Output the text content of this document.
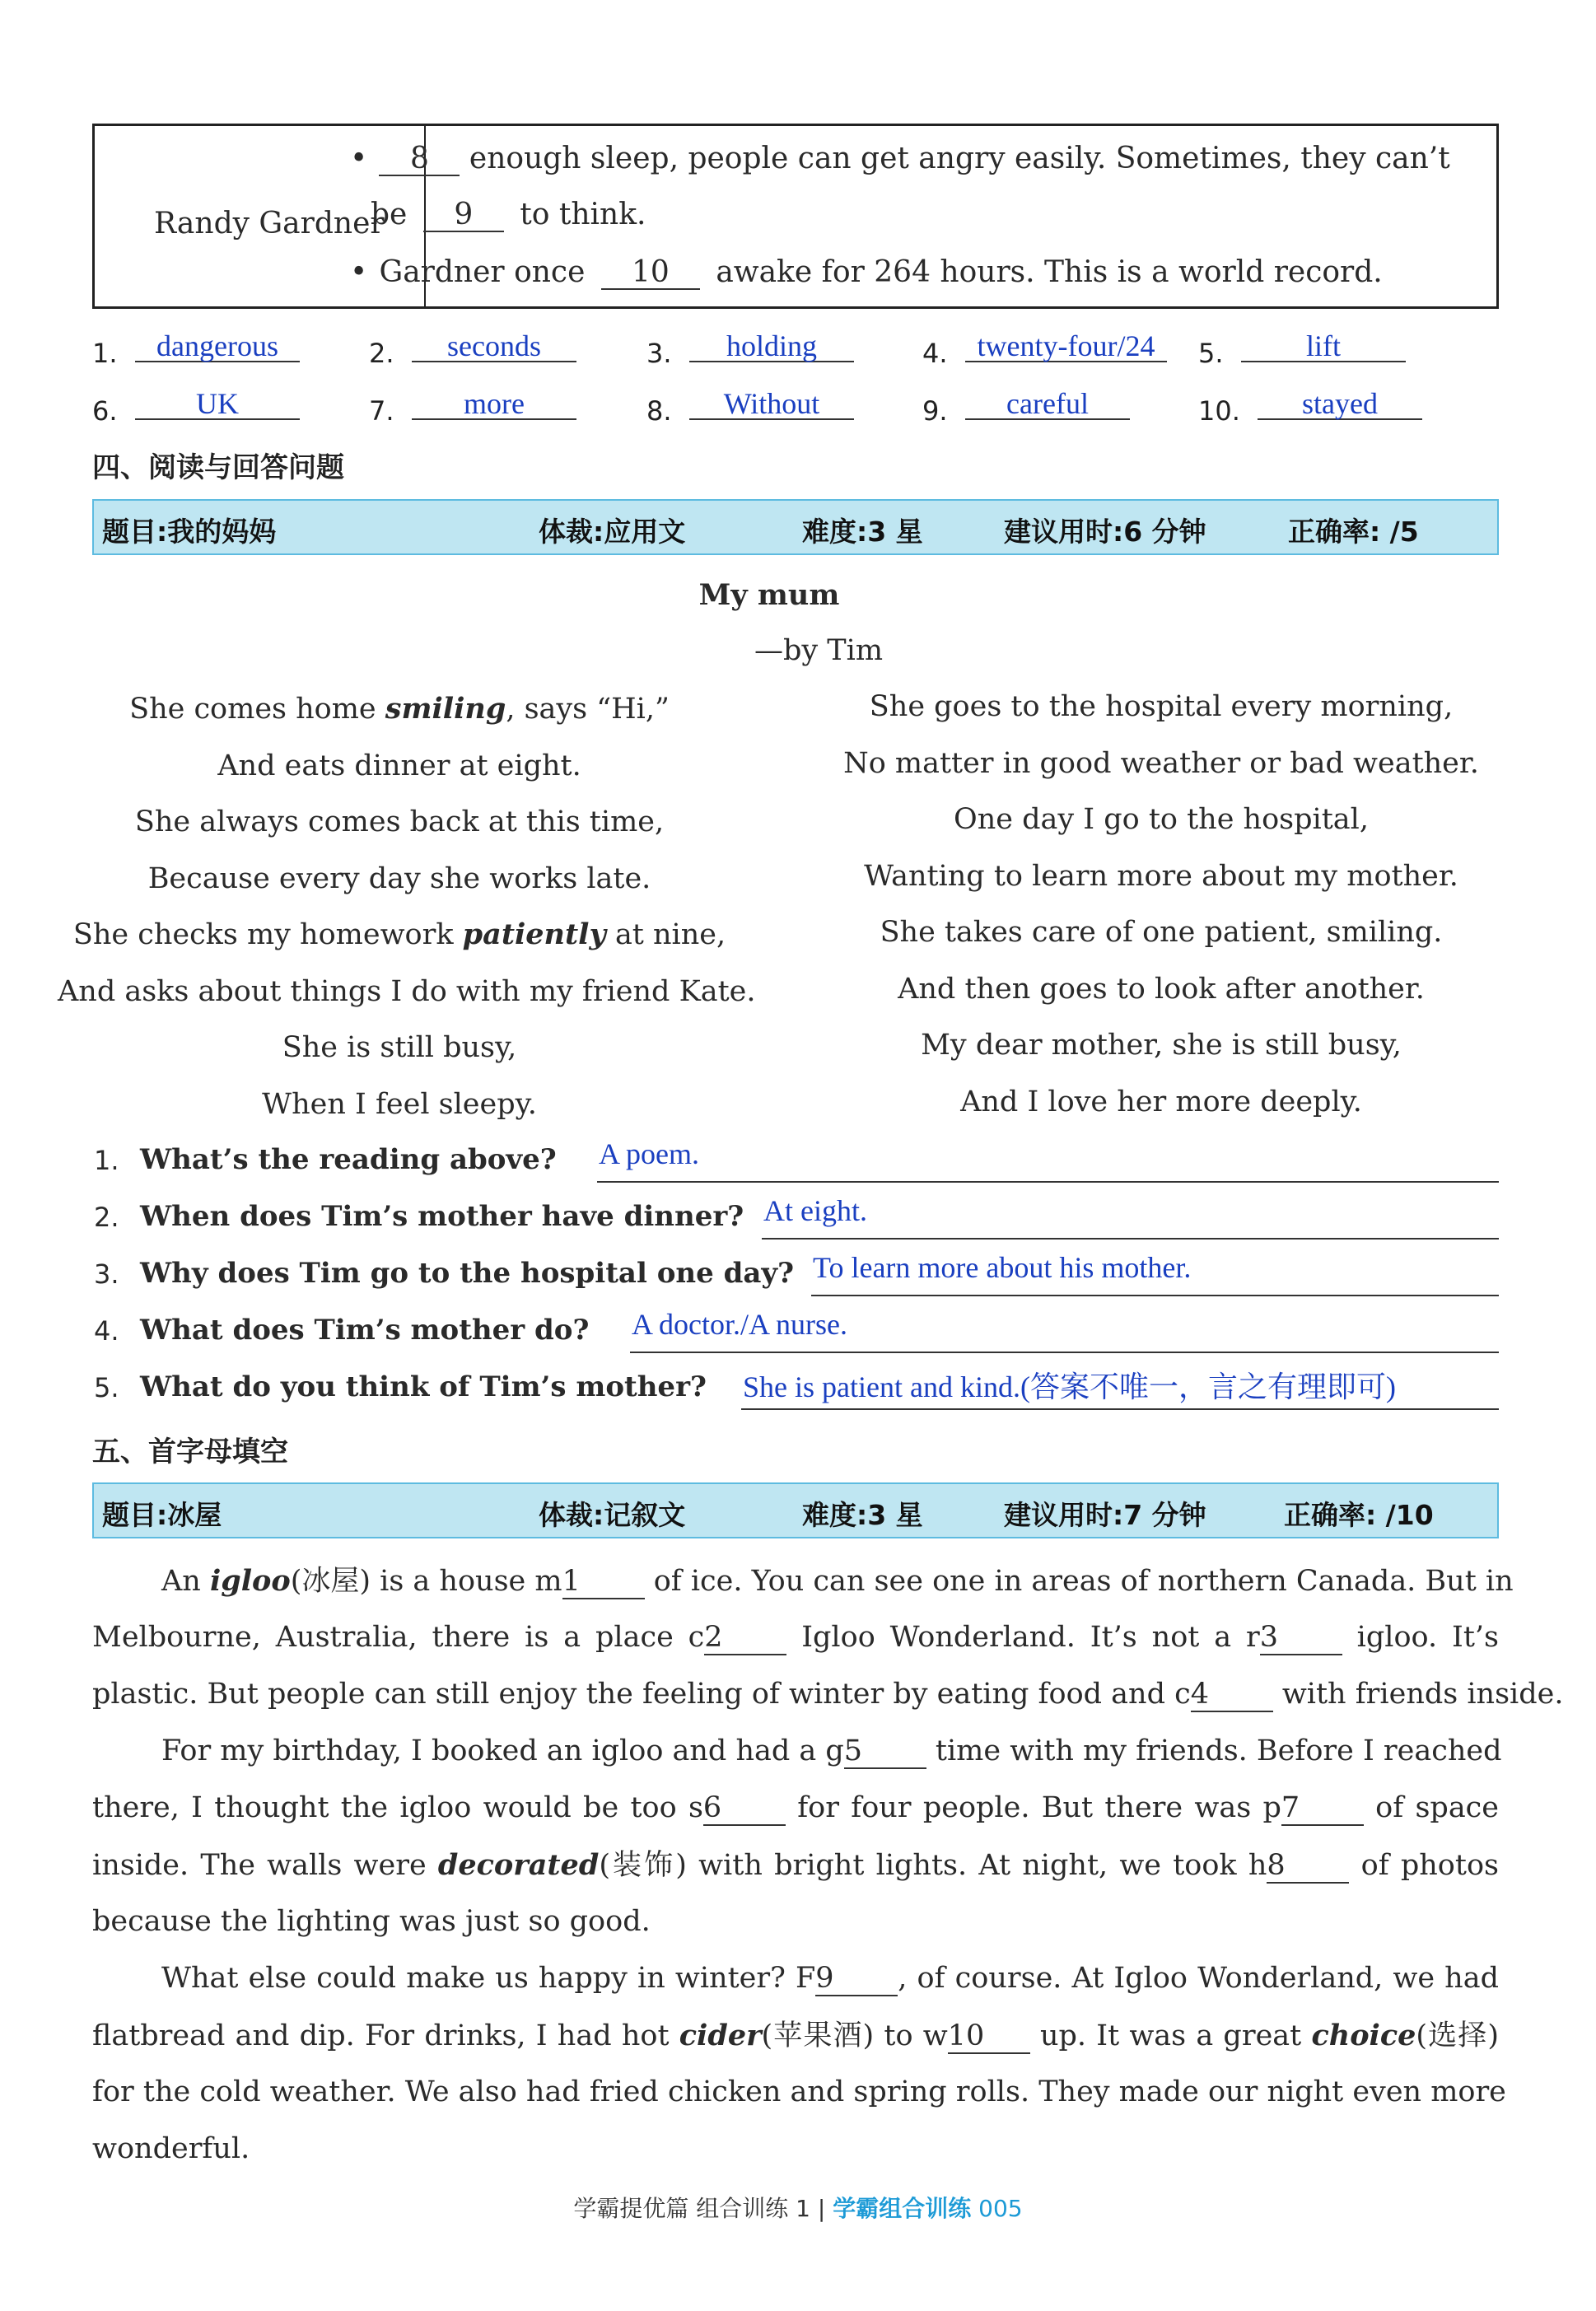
Randy Gardner
• 8 enough sleep, people can get angry easily. Sometimes, they can’t
be 9 to think.
• Gardner once 10 awake for 264 hours. This is a world record.
1.	dangerous	2.	seconds	3.	holding	4. twenty-four/24	5.	lift
6.	UK	7.	more	8.	Without	9.	careful	10.	stayed
四、阅读与回答问题
题目:我的妈妈	体裁:应用文	难度:3 星	建议用时:6 分钟	正确率: /5
My mum
—by Tim
She comes home smiling, says “Hi,”
And eats dinner at eight.
She always comes back at this time,
Because every day she works late.
She checks my homework patiently at nine,
And asks about things I do with my friend Kate.
She is still busy,
When I feel sleepy.
She goes to the hospital every morning,
No matter in good weather or bad weather.
One day I go to the hospital,
Wanting to learn more about my mother.
She takes care of one patient, smiling.
And then goes to look after another.
My dear mother, she is still busy,
And I love her more deeply.
1. What’s the reading above? A poem.
2. When does Tim’s mother have dinner? At eight.
3. Why does Tim go to the hospital one day? To learn more about his mother.
4. What does Tim’s mother do? A doctor./A nurse.
5. What do you think of Tim’s mother? She is patient and kind.(答案不唯一，言之有理即可)
五、首字母填空
题目:冰屋	体裁:记叙文	难度:3 星	建议用时:7 分钟	正确率: /10
An igloo(冰屋) is a house m1 of ice. You can see one in areas of northern Canada. But in
Melbourne, Australia, there is a place c2 Igloo Wonderland. It’s not a r3 igloo. It’s
plastic. But people can still enjoy the feeling of winter by eating food and c4 with friends inside.
For my birthday, I booked an igloo and had a g5 time with my friends. Before I reached
there, I thought the igloo would be too s6 for four people. But there was p7 of space
inside. The walls were decorated(装饰) with bright lights. At night, we took h8 of photos
because the lighting was just so good.
What else could make us happy in winter? F9 , of course. At Igloo Wonderland, we had
flatbread and dip. For drinks, I had hot cider(苹果酒) to w10 up. It was a great choice(选择)
for the cold weather. We also had fried chicken and spring rolls. They made our night even more
wonderful.
学霸提优篇 组合训练 1 | 学霸组合训练 005
